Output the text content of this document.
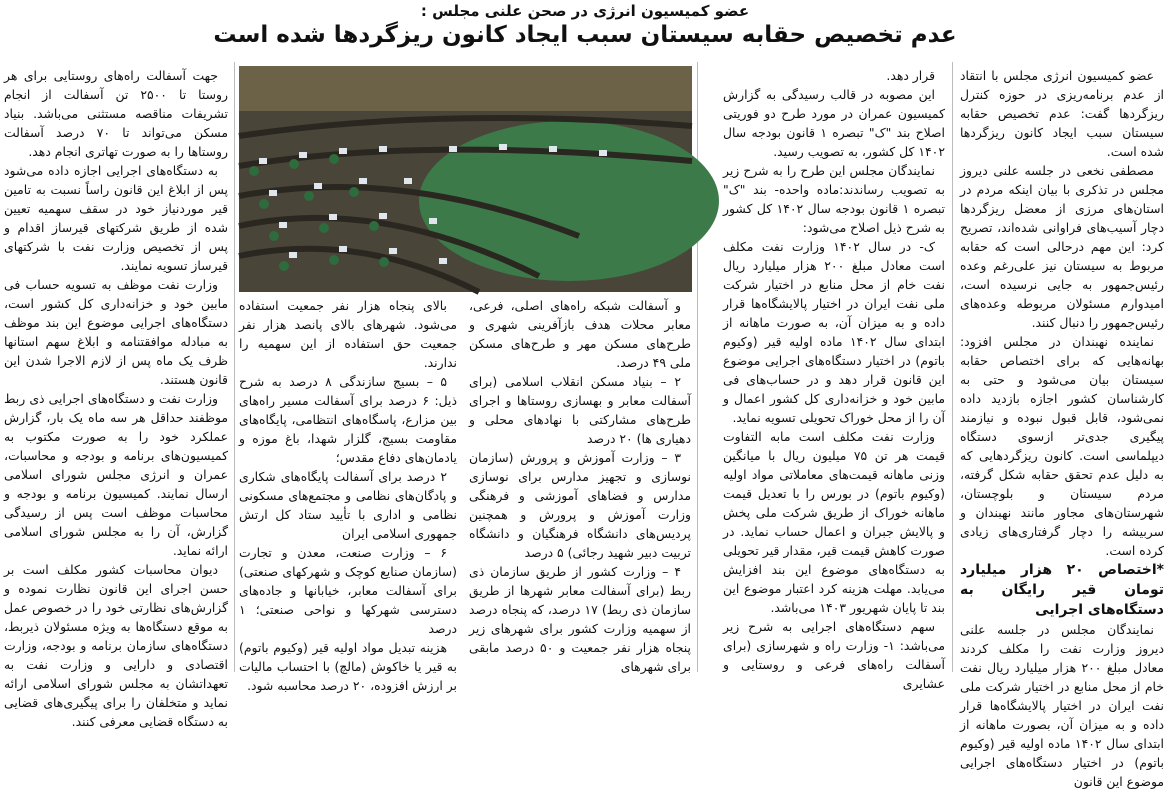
عضو کمیسیون انرژی در صحن علنی مجلس :
عدم تخصیص حقابه سیستان سبب ایجاد کانون ریزگردها شده است

عضو کمیسیون انرژی مجلس با انتقاد از عدم برنامه‌ریزی در حوزه کنترل ریزگردها گفت: عدم تخصیص حقابه سیستان سبب ایجاد کانون ریزگردها شده است.

مصطفی نخعی در جلسه علنی دیروز مجلس در تذکری با بیان اینکه مردم در استان‌های مرزی از معضل ریزگردها دچار آسیب‌های فراوانی شده‌اند، تصریح کرد: این مهم درحالی است که حقابه مربوط به سیستان نیز علی‌رغم وعده رئیس‌جمهور به جایی نرسیده است، امیدوارم مسئولان مربوطه وعده‌های رئیس‌جمهور را دنبال کنند.

نماینده نهبندان در مجلس افزود: بهانه‌هایی که برای اختصاص حقابه سیستان بیان می‌شود و حتی به کارشناسان کشور اجازه بازدید داده نمی‌شود، قابل قبول نبوده و نیازمند پیگیری جدی‌تر ازسوی دستگاه دیپلماسی است. کانون ریزگردهایی که به دلیل عدم تحقق حقابه شکل گرفته، مردم سیستان و بلوچستان، شهرستان‌های مجاور مانند نهبندان و سربیشه را دچار گرفتاری‌های زیادی کرده است.

*اختصاص ۲۰ هزار میلیارد تومان قیر رایگان به دستگاه‌های اجرایی

نمایندگان مجلس در جلسه علنی دیروز وزارت نفت را مکلف کردند معادل مبلغ ۲۰۰ هزار میلیارد ریال نفت خام از محل منابع در اختیار شرکت ملی نفت ایران در اختیار پالایشگاه‌ها قرار داده و به میزان آن، بصورت ماهانه از ابتدای سال ۱۴۰۲ ماده اولیه قیر (وکیوم باتوم) در اختیار دستگاه‌های اجرایی موضوع این قانون

قرار دهد.

این مصوبه در قالب رسیدگی به گزارش کمیسیون عمران در مورد طرح دو فوریتی اصلاح بند "ک" تبصره ۱ قانون بودجه سال ۱۴۰۲ کل کشور، به تصویب رسید.

نمایندگان مجلس این طرح را به شرح زیر به تصویب رساندند:ماده واحده- بند "ک" تبصره ۱ قانون بودجه سال ۱۴۰۲ کل کشور به شرح ذیل اصلاح می‌شود:

ک- در سال ۱۴۰۲ وزارت نفت مکلف است معادل مبلغ ۲۰۰ هزار میلیارد ریال نفت خام از محل منابع در اختیار شرکت ملی نفت ایران در اختیار پالایشگاه‌ها قرار داده و به میزان آن، به صورت ماهانه از ابتدای سال ۱۴۰۲ ماده اولیه قیر (وکیوم باتوم) در اختیار دستگاه‌های اجرایی موضوع این قانون قرار دهد و در حساب‌های فی مابین خود و خزانه‌داری کل کشور اعمال و آن را از محل خوراک تحویلی تسویه نماید.

وزارت نفت مکلف است مابه التفاوت قیمت هر تن ۷۵ میلیون ریال با میانگین وزنی ماهانه قیمت‌های معاملاتی مواد اولیه (وکیوم باتوم) در بورس را با تعدیل قیمت ماهانه خوراک از طریق شرکت ملی پخش و پالایش جبران و اعمال حساب نماید. در صورت کاهش قیمت قیر، مقدار قیر تحویلی به دستگاه‌های موضوع این بند افزایش می‌یابد. مهلت هزینه کرد اعتبار موضوع این بند تا پایان شهریور ۱۴۰۳ می‌باشد.

سهم دستگاه‌های اجرایی به شرح زیر می‌باشد: ۱- وزارت راه و شهرسازی (برای آسفالت راه‌های فرعی و روستایی و عشایری

و آسفالت شبکه راه‌های اصلی، فرعی، معابر محلات هدف بازآفرینی شهری و طرح‌های مسکن مهر و طرح‌های مسکن ملی ۴۹ درصد.

۲ – بنیاد مسکن انقلاب اسلامی (برای آسفالت معابر و بهسازی روستاها و اجرای طرح‌های مشارکتی با نهادهای محلی و دهیاری ها) ۲۰ درصد

۳ – وزارت آموزش و پرورش (سازمان نوسازی و تجهیز مدارس برای نوسازی مدارس و فضاهای آموزشی و فرهنگی وزارت آموزش و پرورش و همچنین پردیس‌های دانشگاه فرهنگیان و دانشگاه تربیت دبیر شهید رجائی) ۵ درصد

۴ – وزارت کشور از طریق سازمان ذی ربط (برای آسفالت معابر شهرها از طریق سازمان ذی ربط) ۱۷ درصد، که پنجاه درصد از سهمیه وزارت کشور برای شهرهای زیر پنجاه هزار نفر جمعیت و ۵۰ درصد مابقی برای شهرهای

بالای پنجاه هزار نفر جمعیت استفاده می‌شود. شهرهای بالای پانصد هزار نفر جمعیت حق استفاده از این سهمیه را ندارند.

۵ – بسیج سازندگی ۸ درصد به شرح ذیل: ۶ درصد برای آسفالت مسیر راه‌های بین مزارع، پاسگاه‌های انتظامی، پایگاه‌های مقاومت بسیج، گلزار شهدا، باغ موزه و یادمان‌های دفاع مقدس؛

۲ درصد برای آسفالت پایگاه‌های شکاری و پادگان‌های نظامی و مجتمع‌های مسکونی نظامی و اداری با تأیید ستاد کل ارتش جمهوری اسلامی ایران

۶ – وزارت صنعت، معدن و تجارت (سازمان صنایع کوچک و شهرکهای صنعتی) برای آسفالت معابر، خیابانها و جاده‌های دسترسی شهرکها و نواحی صنعتی؛ ۱ درصد

هزینه تبدیل مواد اولیه قیر (وکیوم باتوم) به قیر یا خاکوش (مالچ) با احتساب مالیات بر ارزش افزوده، ۲۰ درصد محاسبه شود.

جهت آسفالت راه‌های روستایی برای هر روستا تا ۲۵۰۰ تن آسفالت از انجام تشریفات مناقصه مستثنی می‌باشد. بنیاد مسکن می‌تواند تا ۷۰ درصد آسفالت روستاها را به صورت تهاتری انجام دهد.

به دستگاه‌های اجرایی اجازه داده می‌شود پس از ابلاغ این قانون راساً نسبت به تامین قیر موردنیاز خود در سقف سهمیه تعیین شده از طریق شرکتهای قیرساز اقدام و پس از تخصیص وزارت نفت با شرکتهای قیرساز تسویه نمایند.

وزارت نفت موظف به تسویه حساب فی مابین خود و خزانه‌داری کل کشور است، دستگاه‌های اجرایی موضوع این بند موظف به مبادله موافقتنامه و ابلاغ سهم استانها ظرف یک ماه پس از لازم الاجرا شدن این قانون هستند.

وزارت نفت و دستگاه‌های اجرایی ذی ربط موظفند حداقل هر سه ماه یک بار، گزارش عملکرد خود را به صورت مکتوب به کمیسیون‌های برنامه و بودجه و محاسبات، عمران و انرژی مجلس شورای اسلامی ارسال نمایند. کمیسیون برنامه و بودجه و محاسبات موظف است پس از رسیدگی گزارش، آن را به مجلس شورای اسلامی ارائه نماید.

دیوان محاسبات کشور مکلف است بر حسن اجرای این قانون نظارت نموده و گزارش‌های نظارتی خود را در خصوص عمل به موقع دستگاه‌ها به ویژه مسئولان ذیربط، دستگاه‌های سازمان برنامه و بودجه، وزارت اقتصادی و دارایی و وزارت نفت به تعهداتشان به مجلس شورای اسلامی ارائه نماید و متخلفان را برای پیگیری‌های قضایی به دستگاه قضایی معرفی کنند.
